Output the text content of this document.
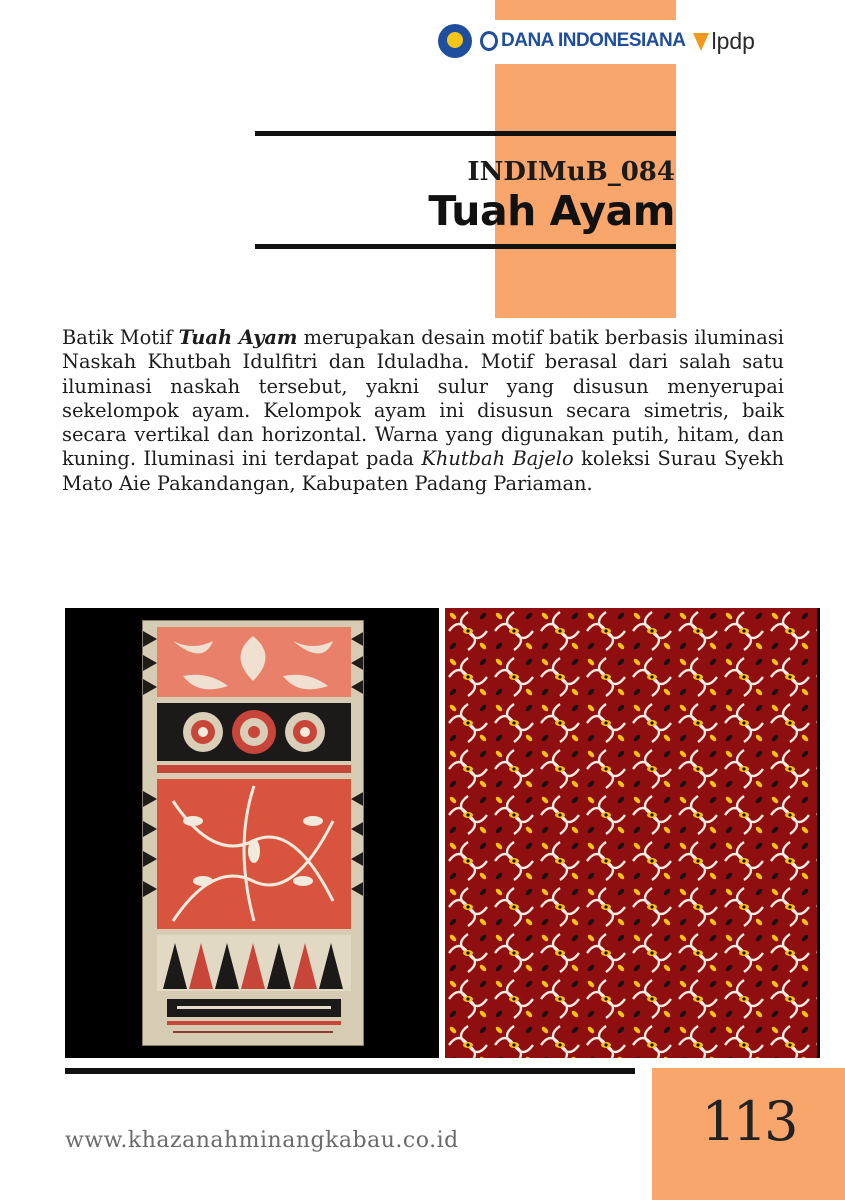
DANA INDONESIANA lpdp
INDIMuB_084
Tuah Ayam

Batik Motif Tuah Ayam merupakan desain motif batik berbasis iluminasi Naskah Khutbah Idulfitri dan Iduladha. Motif berasal dari salah satu iluminasi naskah tersebut, yakni sulur yang disusun menyerupai sekelompok ayam. Kelompok ayam ini disusun secara simetris, baik secara vertikal dan horizontal. Warna yang digunakan putih, hitam, dan kuning. Iluminasi ini terdapat pada Khutbah Bajelo koleksi Surau Syekh Mato Aie Pakandangan, Kabupaten Padang Pariaman.

113
www.khazanahminangkabau.co.id
